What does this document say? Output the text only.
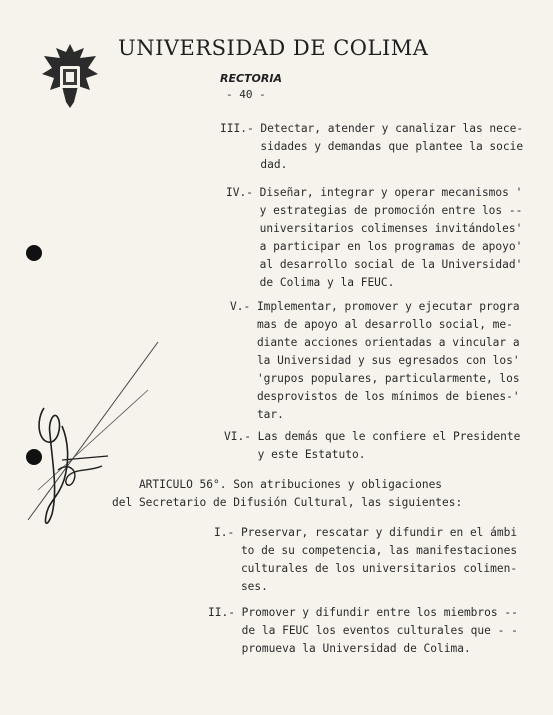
UNIVERSIDAD DE COLIMA
RECTORIA
- 40 -
III.- Detectar, atender y canalizar las nece-
sidades y demandas que plantee la socie
dad.
IV.- Diseñar, integrar y operar mecanismos '
y estrategias de promoción entre los --
universitarios colimenses invitándoles'
a participar en los programas de apoyo'
al desarrollo social de la Universidad'
de Colima y la FEUC.
V.- Implementar, promover y ejecutar progra
mas de apoyo al desarrollo social, me-
diante acciones orientadas a vincular a
la Universidad y sus egresados con los'
'grupos populares, particularmente, los
desprovistos de los mínimos de bienes-'
tar.
VI.- Las demás que le confiere el Presidente
y este Estatuto.
ARTICULO 56°. Son atribuciones y obligaciones
del Secretario de Difusión Cultural, las siguientes:
I.- Preservar, rescatar y difundir en el ámbi
to de su competencia, las manifestaciones
culturales de los universitarios colimen-
ses.
II.- Promover y difundir entre los miembros --
de la FEUC los eventos culturales que - -
promueva la Universidad de Colima.
